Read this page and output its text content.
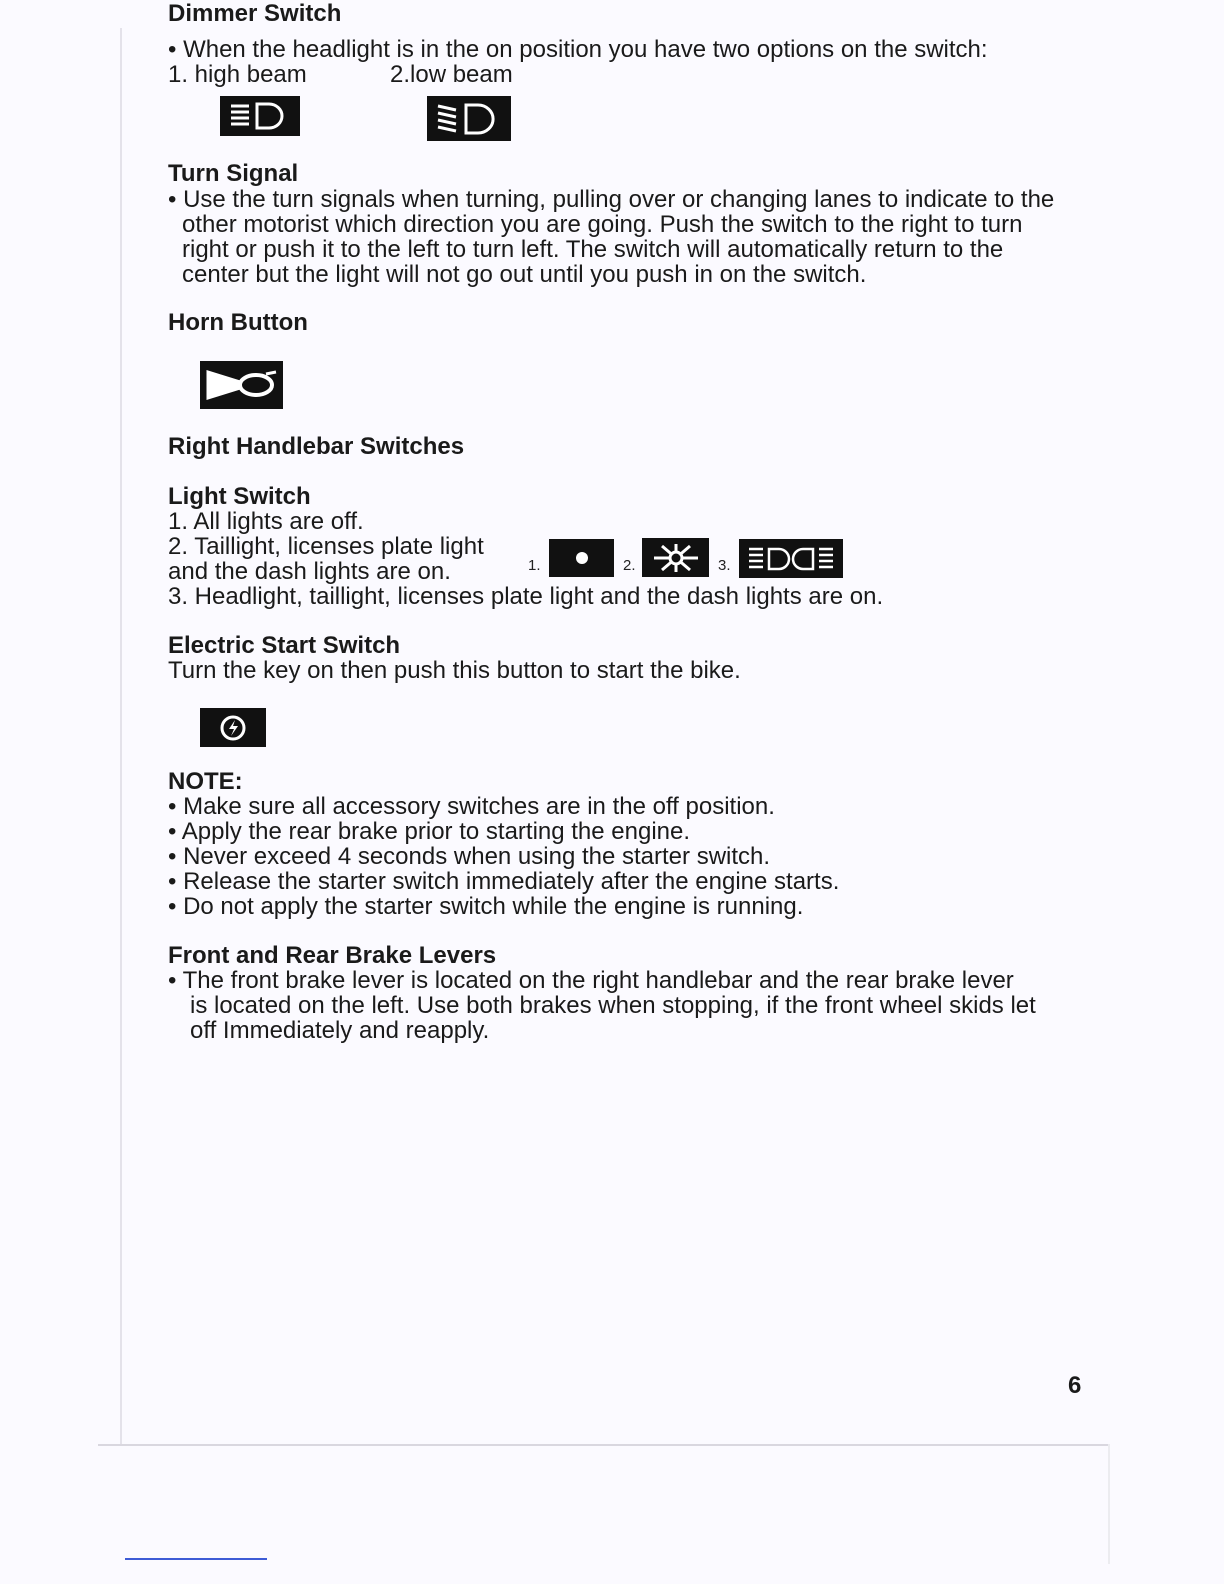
Dimmer Switch
• When the headlight is in the on position you have two options on the switch:
1. high beam	2.low beam
Turn Signal
• Use the turn signals when turning, pulling over or changing lanes to indicate to the
other motorist which direction you are going. Push the switch to the right to turn
right or push it to the left to turn left. The switch will automatically return to the
center but the light will not go out until you push in on the switch.
Horn Button
Right Handlebar Switches
Light Switch
1. All lights are off.
2. Taillight, licenses plate light
and the dash lights are on.
3. Headlight, taillight, licenses plate light and the dash lights are on.
1.	2.	3.
Electric Start Switch
Turn the key on then push this button to start the bike.
NOTE:
• Make sure all accessory switches are in the off position.
• Apply the rear brake prior to starting the engine.
• Never exceed 4 seconds when using the starter switch.
• Release the starter switch immediately after the engine starts.
• Do not apply the starter switch while the engine is running.
Front and Rear Brake Levers
• The front brake lever is located on the right handlebar and the rear brake lever
is located on the left. Use both brakes when stopping, if the front wheel skids let
off Immediately and reapply.
6
